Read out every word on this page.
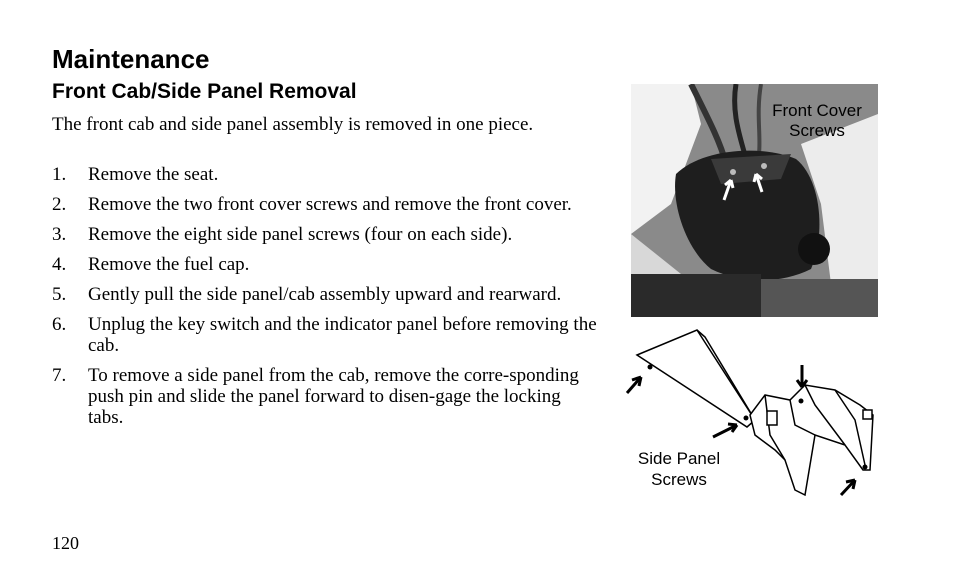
Maintenance
Front Cab/Side Panel Removal

The front cab and side panel assembly is removed in one piece.

1. Remove the seat.
2. Remove the two front cover screws and remove the front cover.
3. Remove the eight side panel screws (four on each side).
4. Remove the fuel cap.
5. Gently pull the side panel/cab assembly upward and rearward.
6. Unplug the key switch and the indicator panel before removing the cab.
7. To remove a side panel from the cab, remove the corre-sponding push pin and slide the panel forward to disen-gage the locking tabs.
Front Cover
Screws
Side Panel
Screws
120
